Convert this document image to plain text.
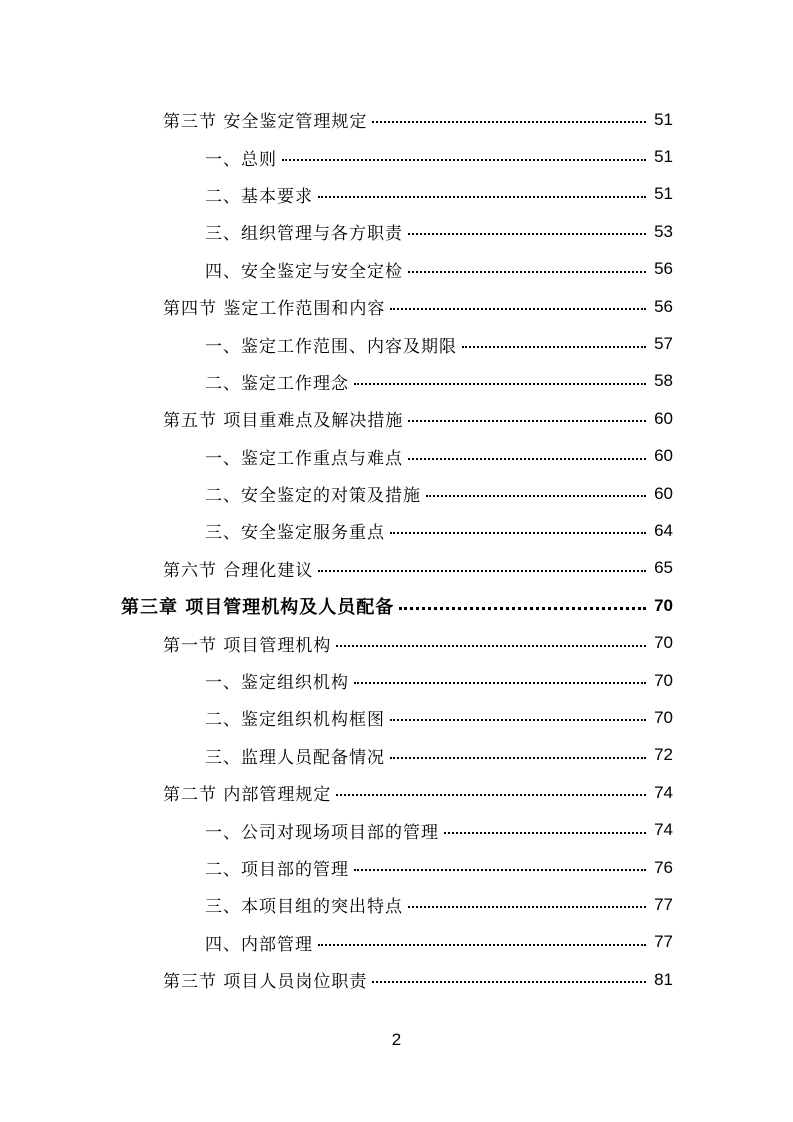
第三节 安全鉴定管理规定	51
一、总则	51
二、基本要求	51
三、组织管理与各方职责	53
四、安全鉴定与安全定检	56
第四节 鉴定工作范围和内容	56
一、鉴定工作范围、内容及期限	57
二、鉴定工作理念	58
第五节 项目重难点及解决措施	60
一、鉴定工作重点与难点	60
二、安全鉴定的对策及措施	60
三、安全鉴定服务重点	64
第六节 合理化建议	65
第三章 项目管理机构及人员配备	70
第一节 项目管理机构	70
一、鉴定组织机构	70
二、鉴定组织机构框图	70
三、监理人员配备情况	72
第二节 内部管理规定	74
一、公司对现场项目部的管理	74
二、项目部的管理	76
三、本项目组的突出特点	77
四、内部管理	77
第三节 项目人员岗位职责	81
2
